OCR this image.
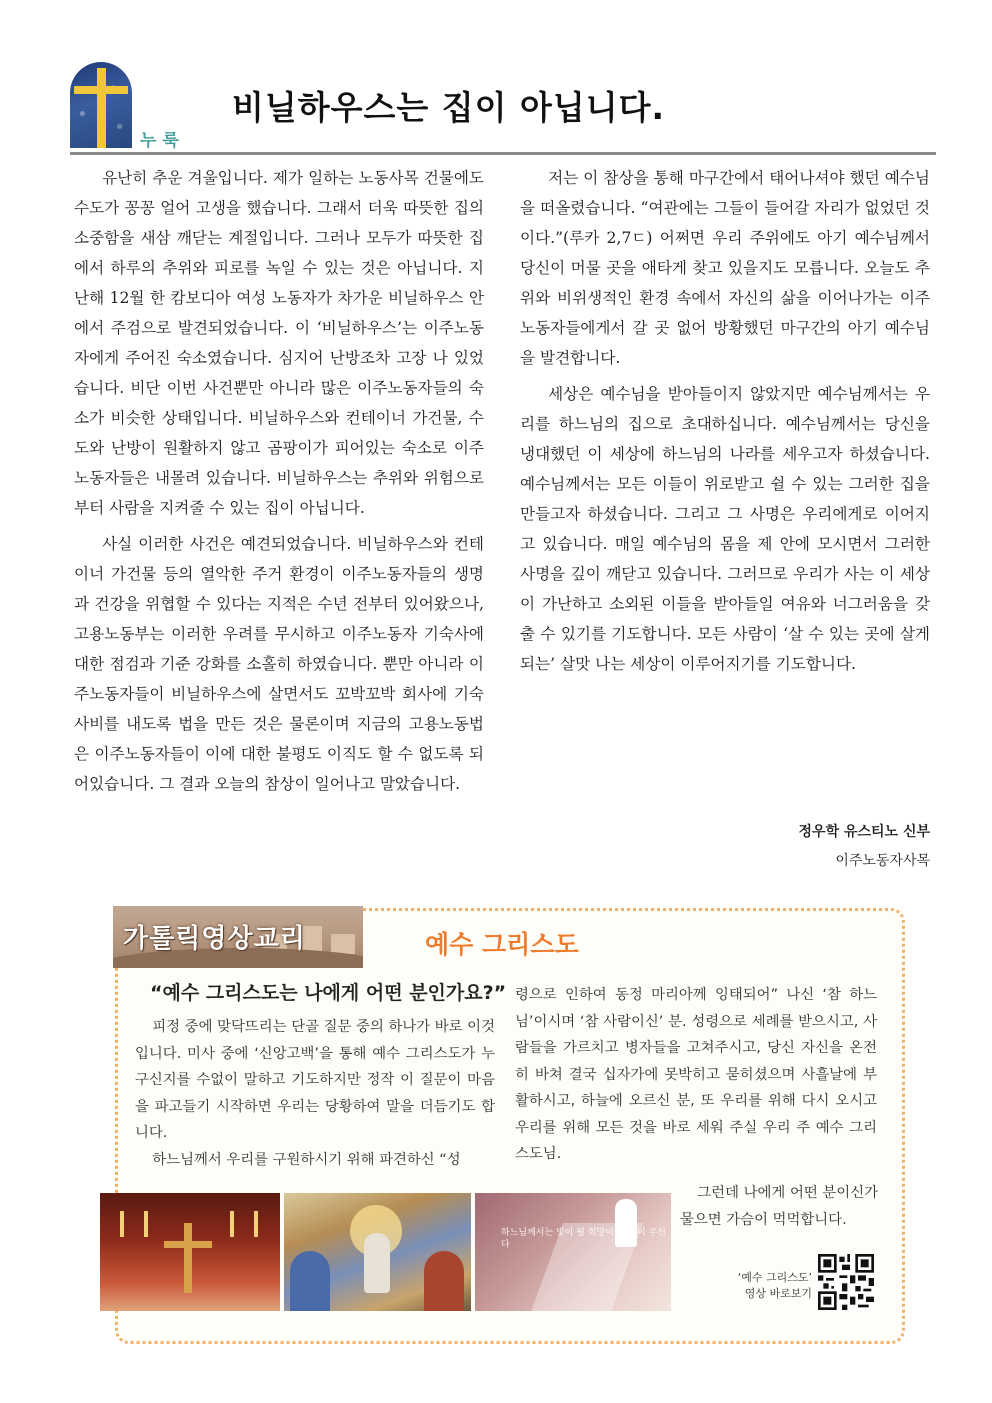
누룩
비닐하우스는 집이 아닙니다.

유난히 추운 겨울입니다. 제가 일하는 노동사목 건물에도 수도가 꽁꽁 얼어 고생을 했습니다. 그래서 더욱 따뜻한 집의 소중함을 새삼 깨닫는 계절입니다. 그러나 모두가 따뜻한 집에서 하루의 추위와 피로를 녹일 수 있는 것은 아닙니다. 지난해 12월 한 캄보디아 여성 노동자가 차가운 비닐하우스 안에서 주검으로 발견되었습니다. 이 ‘비닐하우스’는 이주노동자에게 주어진 숙소였습니다. 심지어 난방조차 고장 나 있었습니다. 비단 이번 사건뿐만 아니라 많은 이주노동자들의 숙소가 비슷한 상태입니다. 비닐하우스와 컨테이너 가건물, 수도와 난방이 원활하지 않고 곰팡이가 피어있는 숙소로 이주노동자들은 내몰려 있습니다. 비닐하우스는 추위와 위험으로부터 사람을 지켜줄 수 있는 집이 아닙니다.

사실 이러한 사건은 예견되었습니다. 비닐하우스와 컨테이너 가건물 등의 열악한 주거 환경이 이주노동자들의 생명과 건강을 위협할 수 있다는 지적은 수년 전부터 있어왔으나, 고용노동부는 이러한 우려를 무시하고 이주노동자 기숙사에 대한 점검과 기준 강화를 소홀히 하였습니다. 뿐만 아니라 이주노동자들이 비닐하우스에 살면서도 꼬박꼬박 회사에 기숙사비를 내도록 법을 만든 것은 물론이며 지금의 고용노동법은 이주노동자들이 이에 대한 불평도 이직도 할 수 없도록 되어있습니다. 그 결과 오늘의 참상이 일어나고 말았습니다.

저는 이 참상을 통해 마구간에서 태어나셔야 했던 예수님을 떠올렸습니다. “여관에는 그들이 들어갈 자리가 없었던 것이다.”(루카 2,7ㄷ) 어쩌면 우리 주위에도 아기 예수님께서 당신이 머물 곳을 애타게 찾고 있을지도 모릅니다. 오늘도 추위와 비위생적인 환경 속에서 자신의 삶을 이어나가는 이주노동자들에게서 갈 곳 없어 방황했던 마구간의 아기 예수님을 발견합니다.

세상은 예수님을 받아들이지 않았지만 예수님께서는 우리를 하느님의 집으로 초대하십니다. 예수님께서는 당신을 냉대했던 이 세상에 하느님의 나라를 세우고자 하셨습니다. 예수님께서는 모든 이들이 위로받고 쉴 수 있는 그러한 집을 만들고자 하셨습니다. 그리고 그 사명은 우리에게로 이어지고 있습니다. 매일 예수님의 몸을 제 안에 모시면서 그러한 사명을 깊이 깨닫고 있습니다. 그러므로 우리가 사는 이 세상이 가난하고 소외된 이들을 받아들일 여유와 너그러움을 갖출 수 있기를 기도합니다. 모든 사람이 ‘살 수 있는 곳에 살게 되는’ 살맛 나는 세상이 이루어지기를 기도합니다.

정우학 유스티노 신부
이주노동자사목
가톨릭영상교리	예수 그리스도
“예수 그리스도는 나에게 어떤 분인가요?”

피정 중에 맞닥뜨리는 단골 질문 중의 하나가 바로 이것입니다. 미사 중에 ‘신앙고백’을 통해 예수 그리스도가 누구신지를 수없이 말하고 기도하지만 정작 이 질문이 마음을 파고들기 시작하면 우리는 당황하여 말을 더듬기도 합니다.

하느님께서 우리를 구원하시기 위해 파견하신 “성

령으로 인하여 동정 마리아께 잉태되어” 나신 ‘참 하느님’이시며 ‘참 사람이신’ 분. 성령으로 세례를 받으시고, 사람들을 가르치고 병자들을 고쳐주시고, 당신 자신을 온전히 바쳐 결국 십자가에 못박히고 묻히셨으며 사흘날에 부활하시고, 하늘에 오르신 분, 또 우리를 위해 다시 오시고 우리를 위해 모든 것을 바로 세워 주실 우리 주 예수 그리스도님.

그런데 나에게 어떤 분이신가 물으면 가슴이 먹먹합니다.

하느님께서는 빛이 될 희망이 될 것이 주신다
‘예수 그리스도’
영상 바로보기
